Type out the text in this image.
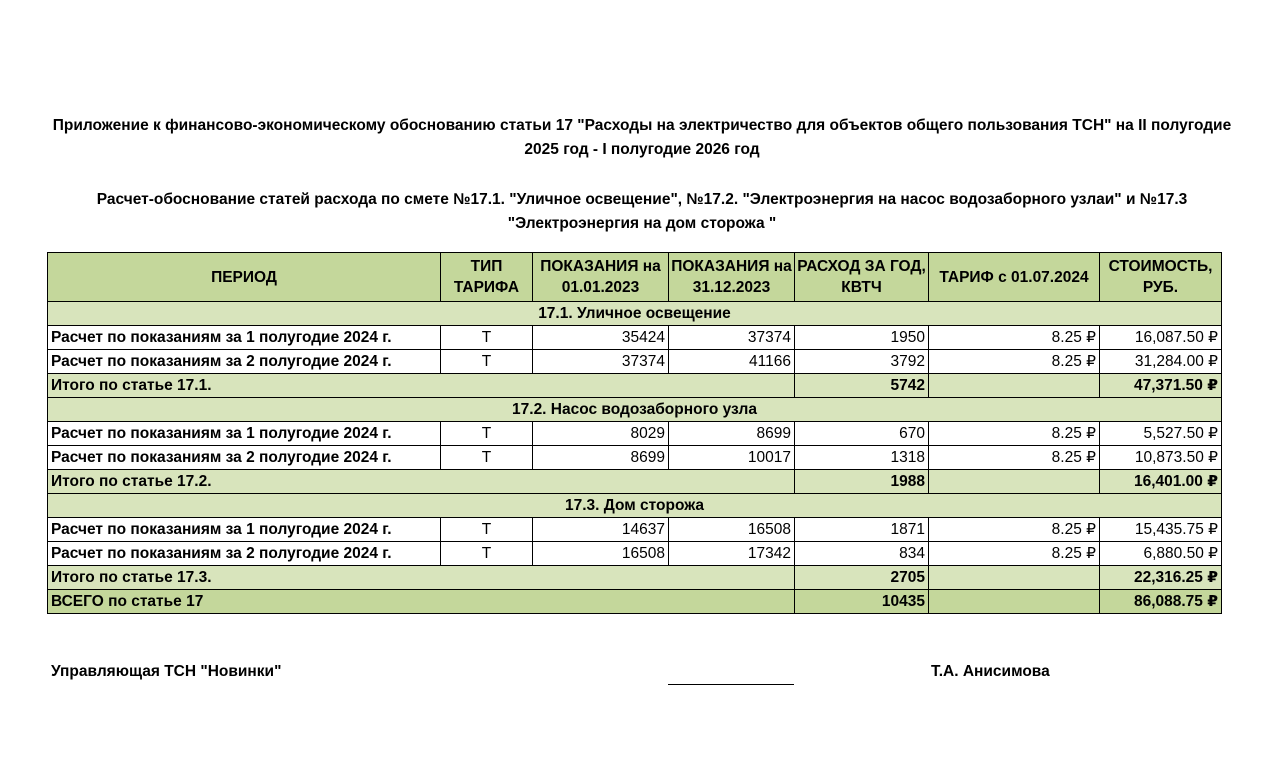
Приложение к финансово-экономическому обоснованию статьи 17 "Расходы на электричество для объектов общего пользования ТСН" на II полугодие 2025 год - I полугодие 2026 год
Расчет-обоснование статей расхода по смете №17.1. "Уличное освещение", №17.2. "Электроэнергия на насос водозаборного узлаи" и №17.3 "Электроэнергия на дом сторожа "
ПЕРИОД	ТИП ТАРИФА	ПОКАЗАНИЯ на 01.01.2023	ПОКАЗАНИЯ на 31.12.2023	РАСХОД ЗА ГОД, КВТЧ	ТАРИФ с 01.07.2024	СТОИМОСТЬ, РУБ.
17.1. Уличное освещение						
Расчет по показаниям за 1 полугодие 2024 г.	Т	35424	37374	1950	8.25 ₽	16,087.50 ₽
Расчет по показаниям за 2 полугодие 2024 г.	Т	37374	41166	3792	8.25 ₽	31,284.00 ₽
Итого по статье 17.1.				5742		47,371.50 ₽
17.2. Насос водозаборного узла						
Расчет по показаниям за 1 полугодие 2024 г.	Т	8029	8699	670	8.25 ₽	5,527.50 ₽
Расчет по показаниям за 2 полугодие 2024 г.	Т	8699	10017	1318	8.25 ₽	10,873.50 ₽
Итого по статье 17.2.				1988		16,401.00 ₽
17.3. Дом сторожа						
Расчет по показаниям за 1 полугодие 2024 г.	Т	14637	16508	1871	8.25 ₽	15,435.75 ₽
Расчет по показаниям за 2 полугодие 2024 г.	Т	16508	17342	834	8.25 ₽	6,880.50 ₽
Итого по статье 17.3.				2705		22,316.25 ₽
ВСЕГО по статье 17				10435		86,088.75 ₽
Управляющая ТСН "Новинки"	Т.А. Анисимова
